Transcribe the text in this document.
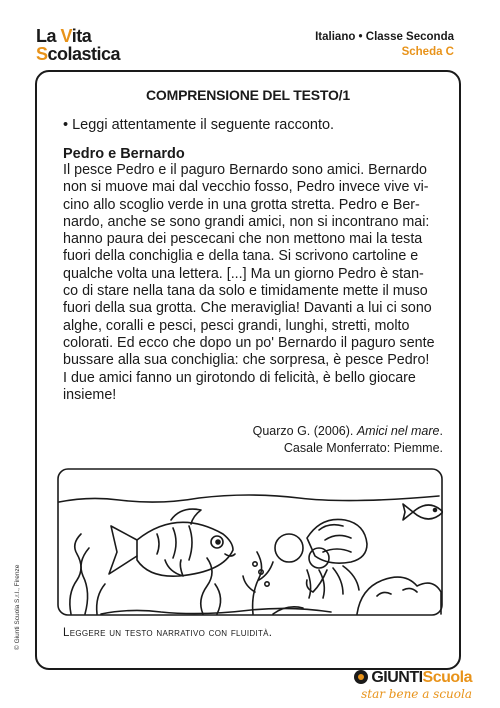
La Vita
Scolastica
Italiano • Classe Seconda
Scheda C
COMPRENSIONE DEL TESTO/1
• Leggi attentamente il seguente racconto.
Pedro e Bernardo

Il pesce Pedro e il paguro Bernardo sono amici. Bernardo

non si muove mai dal vecchio fosso, Pedro invece vive vi-

cino allo scoglio verde in una grotta stretta. Pedro e Ber-

nardo, anche se sono grandi amici, non si incontrano mai:

hanno paura dei pescecani che non mettono mai la testa

fuori della conchiglia e della tana. Si scrivono cartoline e

qualche volta una lettera. [...] Ma un giorno Pedro è stan-

co di stare nella tana da solo e timidamente mette il muso

fuori della sua grotta. Che meraviglia! Davanti a lui ci sono

alghe, coralli e pesci, pesci grandi, lunghi, stretti, molto

colorati. Ed ecco che dopo un po' Bernardo il paguro sente

bussare alla sua conchiglia: che sorpresa, è pesce Pedro!

I due amici fanno un girotondo di felicità, è bello giocare

insieme!

Quarzo G. (2006). Amici nel mare.
Casale Monferrato: Piemme.
Leggere un testo narrativo con fluidità.
© Giunti Scuola S.r.l., Firenze
GIUNTIScuola
star bene a scuola
